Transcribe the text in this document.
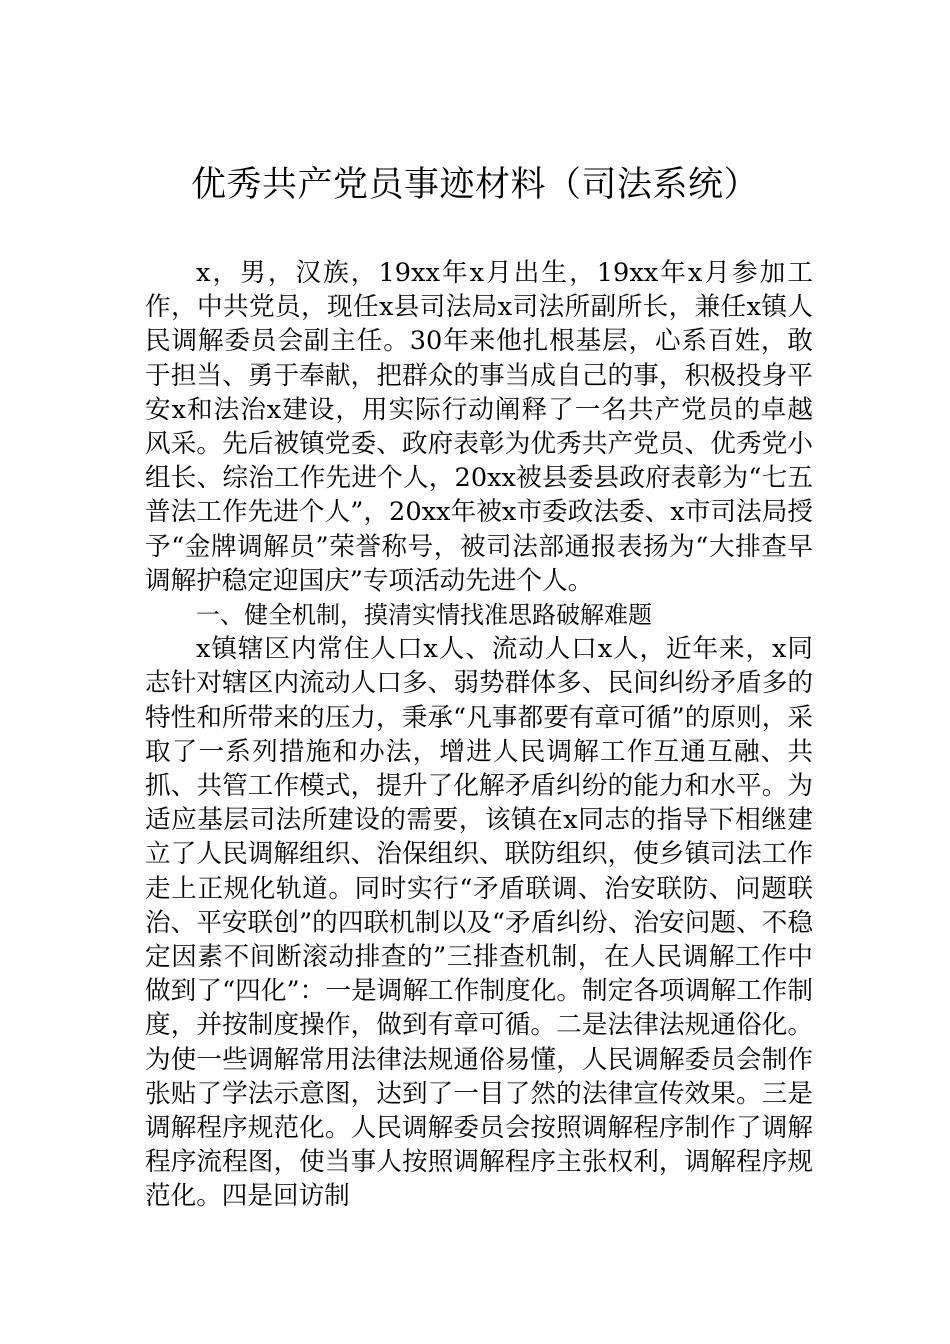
优秀共产党员事迹材料（司法系统）

x，男，汉族，19xx年x月出生，19xx年x月参加工作，中共党员，现任x县司法局x司法所副所长，兼任x镇人民调解委员会副主任。30年来他扎根基层，心系百姓，敢于担当、勇于奉献，把群众的事当成自己的事，积极投身平安x和法治x建设，用实际行动阐释了一名共产党员的卓越风采。先后被镇党委、政府表彰为优秀共产党员、优秀党小组长、综治工作先进个人，20xx被县委县政府表彰为“七五普法工作先进个人”，20xx年被x市委政法委、x市司法局授予“金牌调解员”荣誉称号，被司法部通报表扬为“大排查早调解护稳定迎国庆”专项活动先进个人。

一、健全机制，摸清实情找准思路破解难题

x镇辖区内常住人口x人、流动人口x人，近年来，x同志针对辖区内流动人口多、弱势群体多、民间纠纷矛盾多的特性和所带来的压力，秉承“凡事都要有章可循”的原则，采取了一系列措施和办法，增进人民调解工作互通互融、共抓、共管工作模式，提升了化解矛盾纠纷的能力和水平。为适应基层司法所建设的需要，该镇在x同志的指导下相继建立了人民调解组织、治保组织、联防组织，使乡镇司法工作走上正规化轨道。同时实行“矛盾联调、治安联防、问题联治、平安联创”的四联机制以及“矛盾纠纷、治安问题、不稳定因素不间断滚动排查的”三排查机制，在人民调解工作中做到了“四化”：一是调解工作制度化。制定各项调解工作制度，并按制度操作，做到有章可循。二是法律法规通俗化。为使一些调解常用法律法规通俗易懂，人民调解委员会制作张贴了学法示意图，达到了一目了然的法律宣传效果。三是调解程序规范化。人民调解委员会按照调解程序制作了调解程序流程图，使当事人按照调解程序主张权利，调解程序规范化。四是回访制
